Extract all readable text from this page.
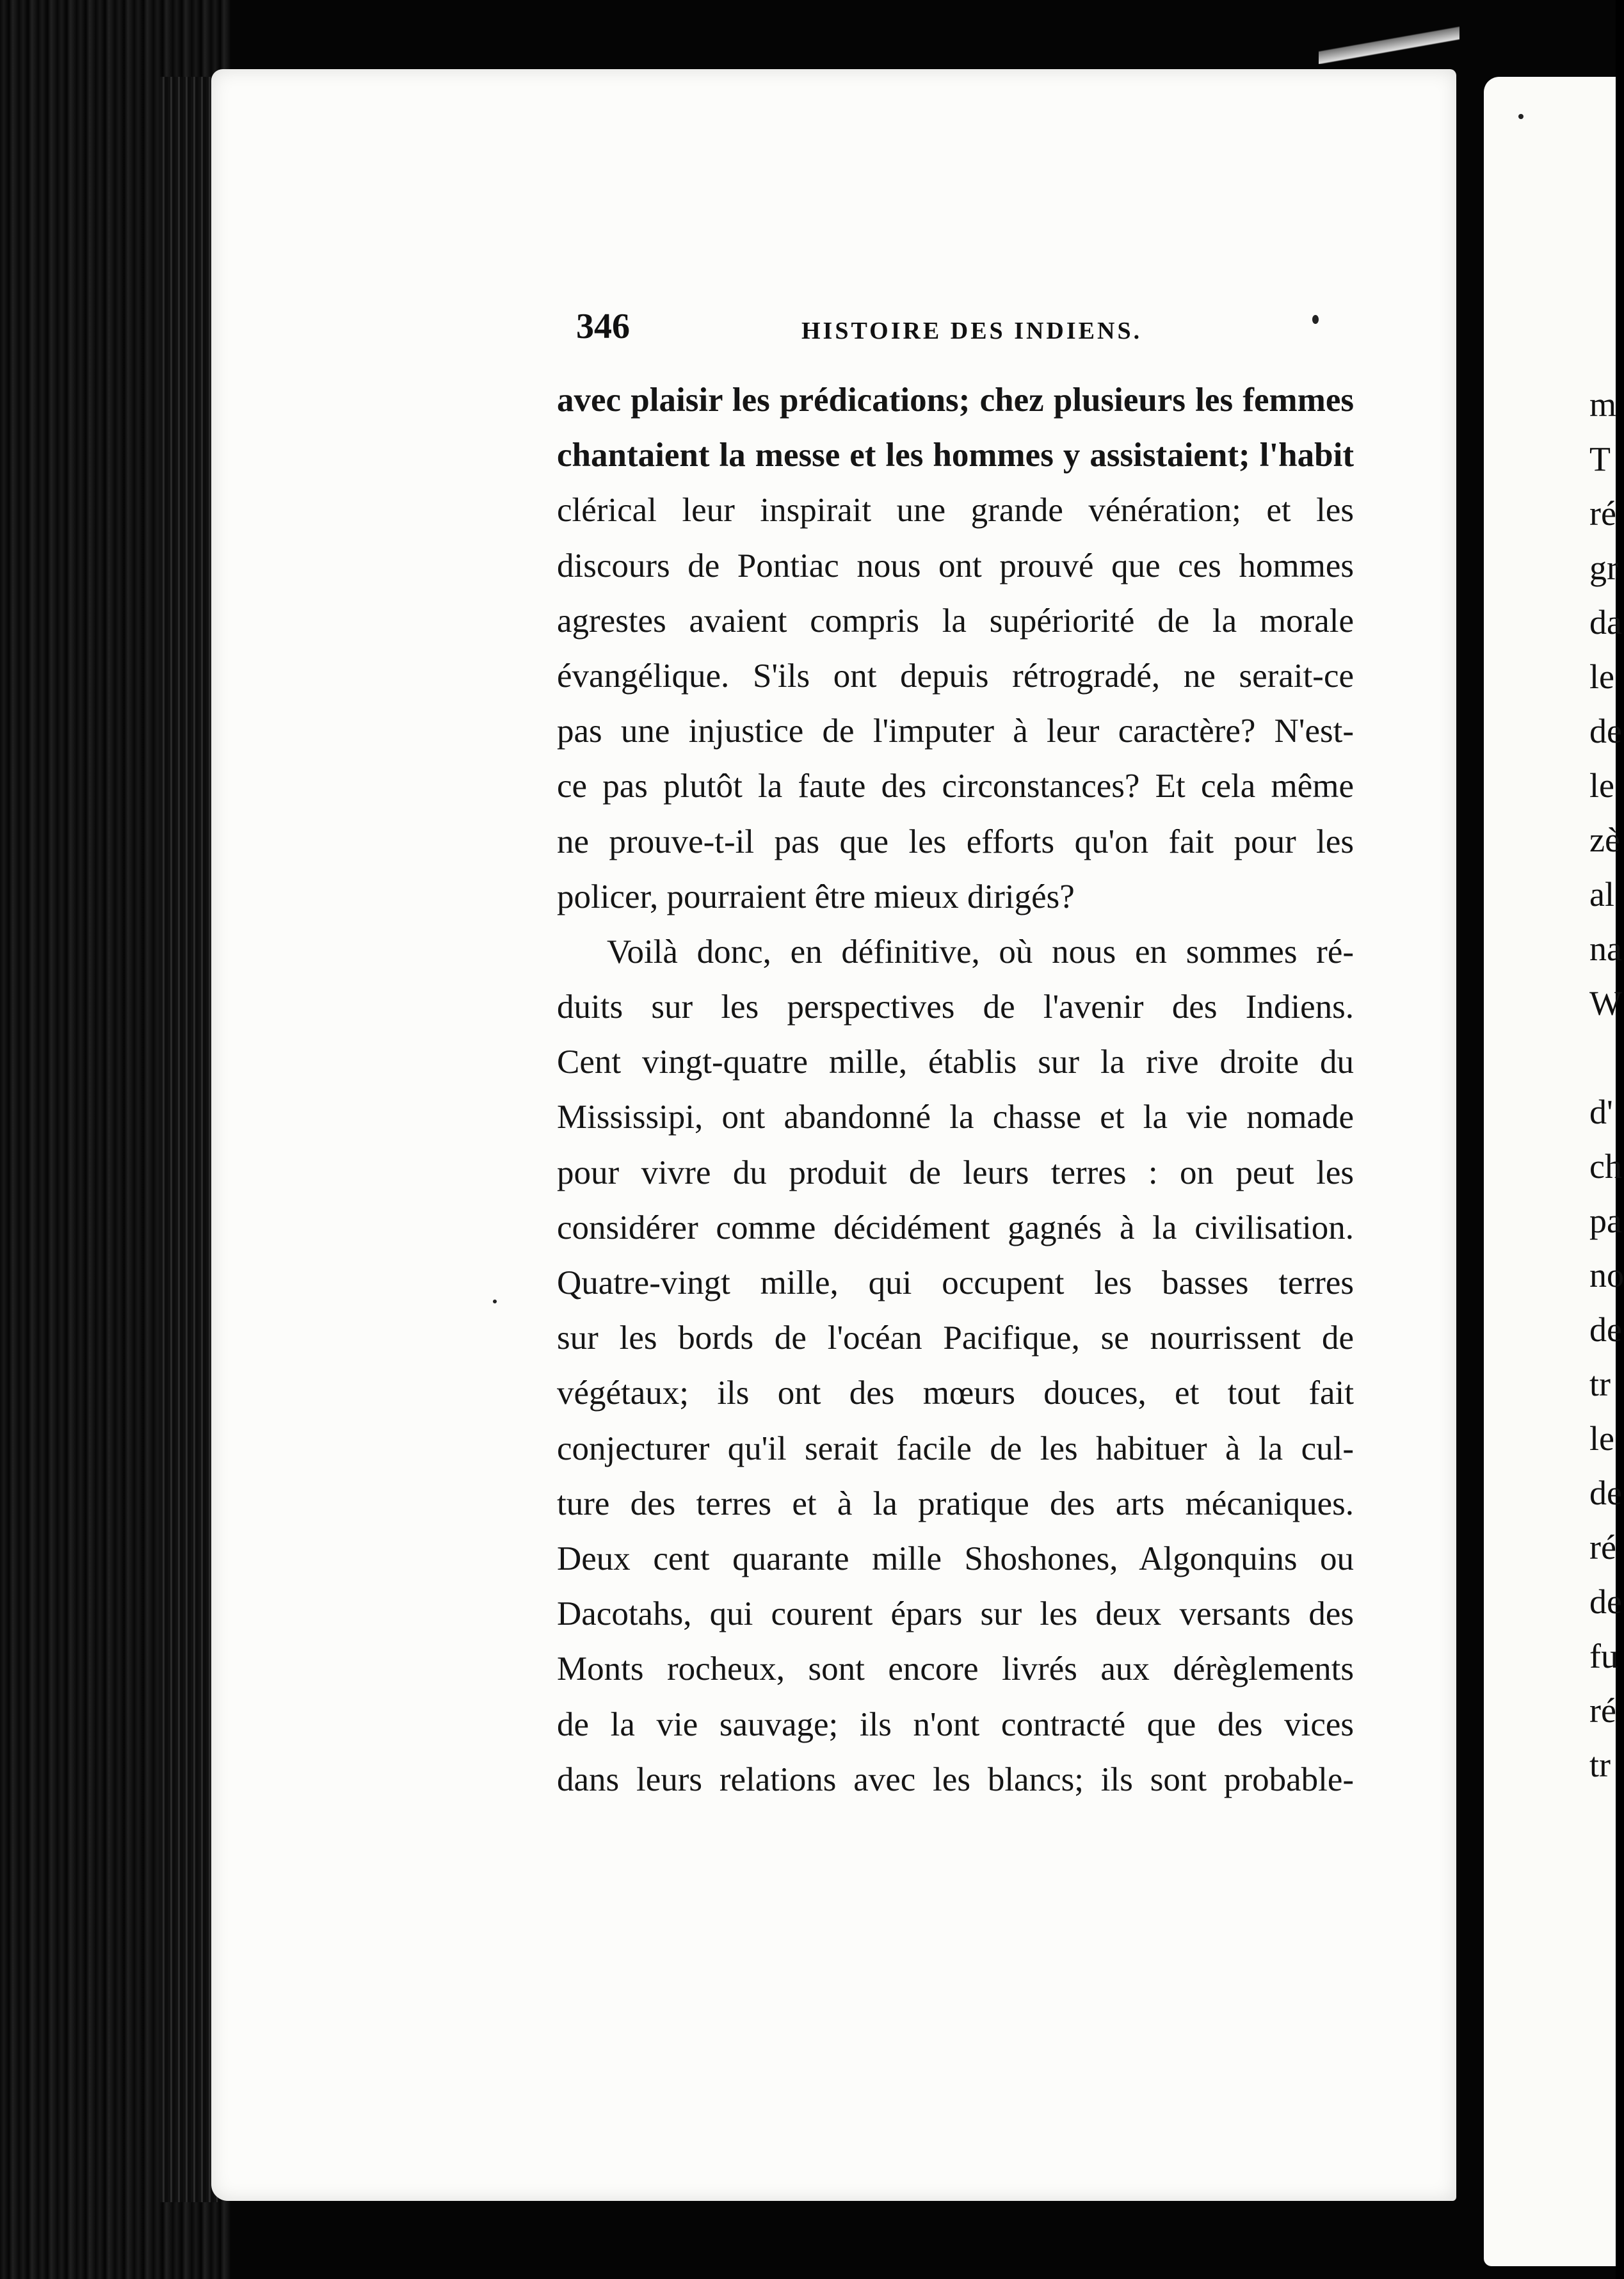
346	HISTOIRE DES INDIENS.
avec plaisir les prédications; chez plusieurs les femmes
chantaient la messe et les hommes y assistaient; l'habit
clérical leur inspirait une grande vénération; et les
discours de Pontiac nous ont prouvé que ces hommes
agrestes avaient compris la supériorité de la morale
évangélique. S'ils ont depuis rétrogradé, ne serait-ce
pas une injustice de l'imputer à leur caractère? N'est-
ce pas plutôt la faute des circonstances? Et cela même
ne prouve-t-il pas que les efforts qu'on fait pour les
policer, pourraient être mieux dirigés?
Voilà donc, en définitive, où nous en sommes ré-
duits sur les perspectives de l'avenir des Indiens.
Cent vingt-quatre mille, établis sur la rive droite du
Mississipi, ont abandonné la chasse et la vie nomade
pour vivre du produit de leurs terres : on peut les
considérer comme décidément gagnés à la civilisation.
Quatre-vingt mille, qui occupent les basses terres
sur les bords de l'océan Pacifique, se nourrissent de
végétaux; ils ont des mœurs douces, et tout fait
conjecturer qu'il serait facile de les habituer à la cul-
ture des terres et à la pratique des arts mécaniques.
Deux cent quarante mille Shoshones, Algonquins ou
Dacotahs, qui courent épars sur les deux versants des
Monts rocheux, sont encore livrés aux dérèglements
de la vie sauvage; ils n'ont contracté que des vices
dans leurs relations avec les blancs; ils sont probable-
m
T
ré
gr
da
le
de
le
zè
al
na
W
d'
ch
pa
no
de
tr
le
de
ré
de
fu
ré
tr
